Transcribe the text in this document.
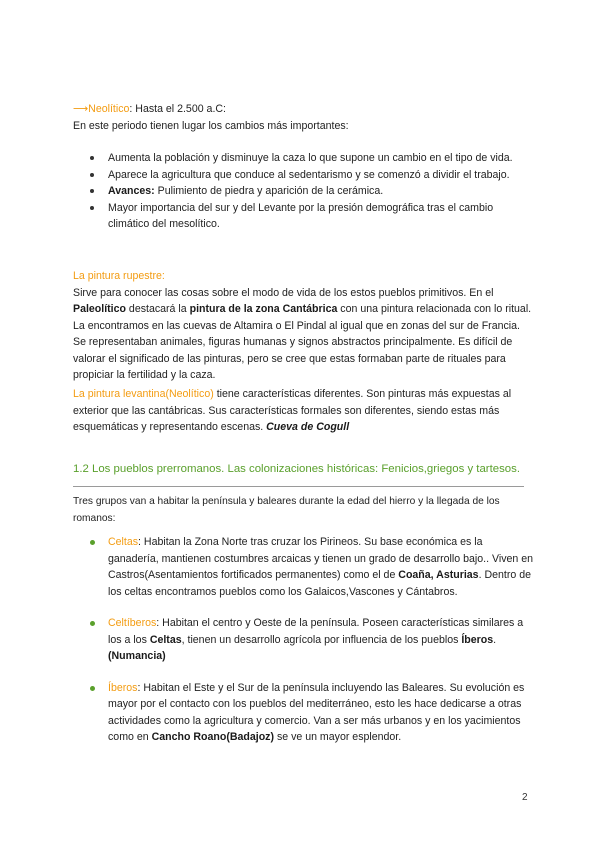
⟶Neolítico: Hasta el 2.500 a.C:
En este periodo tienen lugar los cambios más importantes:
Aumenta la población y disminuye la caza lo que supone un cambio en el tipo de vida.
Aparece la agricultura que conduce al sedentarismo y se comenzó a dividir el trabajo.
Avances: Pulimiento de piedra y aparición de la cerámica.
Mayor importancia del sur y del Levante por la presión demográfica tras el cambio climático del mesolítico.
La pintura rupestre:
Sirve para conocer las cosas sobre el modo de vida de los estos pueblos primitivos. En el Paleolítico destacará la pintura de la zona Cantábrica con una pintura relacionada con lo ritual. La encontramos en las cuevas de Altamira o El Pindal al igual que en zonas del sur de Francia. Se representaban animales, figuras humanas y signos abstractos principalmente. Es difícil de valorar el significado de las pinturas, pero se cree que estas formaban parte de rituales para propiciar la fertilidad y la caza.
La pintura levantina(Neolítico) tiene características diferentes. Son pinturas más expuestas al exterior que las cantábricas. Sus características formales son diferentes, siendo estas más esquemáticas y representando escenas. Cueva de Cogull
1.2 Los pueblos prerromanos. Las colonizaciones históricas: Fenicios,griegos y tartesos.
Tres grupos van a habitar la península y baleares durante la edad del hierro y la llegada de los romanos:
Celtas: Habitan la Zona Norte tras cruzar los Pirineos. Su base económica es la ganadería, mantienen costumbres arcaicas y tienen un grado de desarrollo bajo.. Viven en Castros(Asentamientos fortificados permanentes) como el de Coaña, Asturias. Dentro de los celtas encontramos pueblos como los Galaicos,Vascones y Cántabros.
Celtíberos: Habitan el centro y Oeste de la península. Poseen características similares a los a los Celtas, tienen un desarrollo agrícola por influencia de los pueblos Íberos. (Numancia)
Íberos: Habitan el Este y el Sur de la península incluyendo las Baleares. Su evolución es mayor por el contacto con los pueblos del mediterráneo, esto les hace dedicarse a otras actividades como la agricultura y comercio. Van a ser más urbanos y en los yacimientos como en Cancho Roano(Badajoz) se ve un mayor esplendor.
2
